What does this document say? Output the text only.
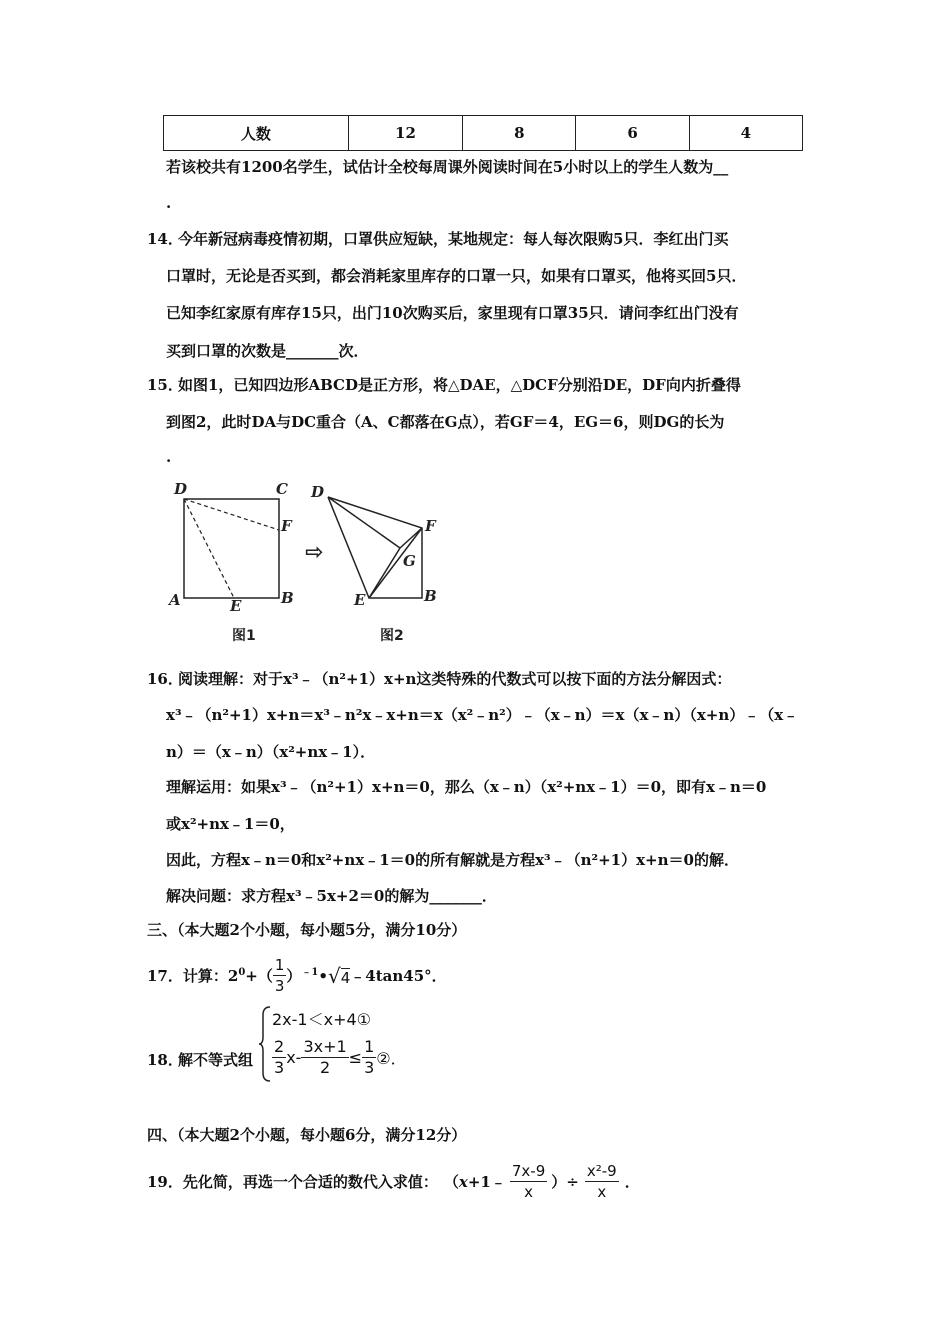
人数	12	8	6	4
若该校共有1200名学生，试估计全校每周课外阅读时间在5小时以上的学生人数为__
.
14．
今年新冠病毒疫情初期，口罩供应短缺，某地规定：每人每次限购5只．李红出门买
口罩时，无论是否买到，都会消耗家里库存的口罩一只，如果有口罩买，他将买回5只．
已知李红家原有库存15只，出门10次购买后，家里现有口罩35只．请问李红出门没有
买到口罩的次数是_______次．
15．
如图1，已知四边形ABCD是正方形，将△DAE，△DCF分别沿DE，DF向内折叠得
到图2，此时DA与DC重合（A、C都落在G点），若GF＝4，EG＝6，则DG的长为
.
D	C
F
A	E	B
图1
⇨
D
F
G
E	B
图2
16．
阅读理解：对于x³﹣（n²+1）x+n这类特殊的代数式可以按下面的方法分解因式：
x³﹣（n²+1）x+n＝x³﹣n²x﹣x+n＝x（x²﹣n²）﹣（x﹣n）＝x（x﹣n）（x+n）﹣（x﹣
n）＝（x﹣n）（x²+nx﹣1）．
理解运用：如果x³﹣（n²+1）x+n＝0，那么（x﹣n）（x²+nx﹣1）＝0，即有x﹣n＝0
或x²+nx﹣1＝0，
因此，方程x﹣n＝0和x²+nx﹣1＝0的所有解就是方程x³﹣（n²+1）x+n＝0的解．
解决问题：求方程x³﹣5x+2＝0的解为_______．
三、（本大题2个小题，每小题5分，满分10分）
17． 计算： $2^0+( \frac{1}{3}$ ）$^{﹣1}•$ √4 ﹣4tan45°．
18．
解不等式组
2x-1＜x+4①
$\frac{2}{3} x- \frac{3x+1}{2} \le \frac{1}{3}$ ②．
四、（本大题2个小题，每小题6分，满分12分）
19． 先化简，再选一个合适的数代入求值： （x+1﹣ $\frac{7x-9}{x}$ ）÷ $\frac{\text{x²-9}}{x}$ ．
